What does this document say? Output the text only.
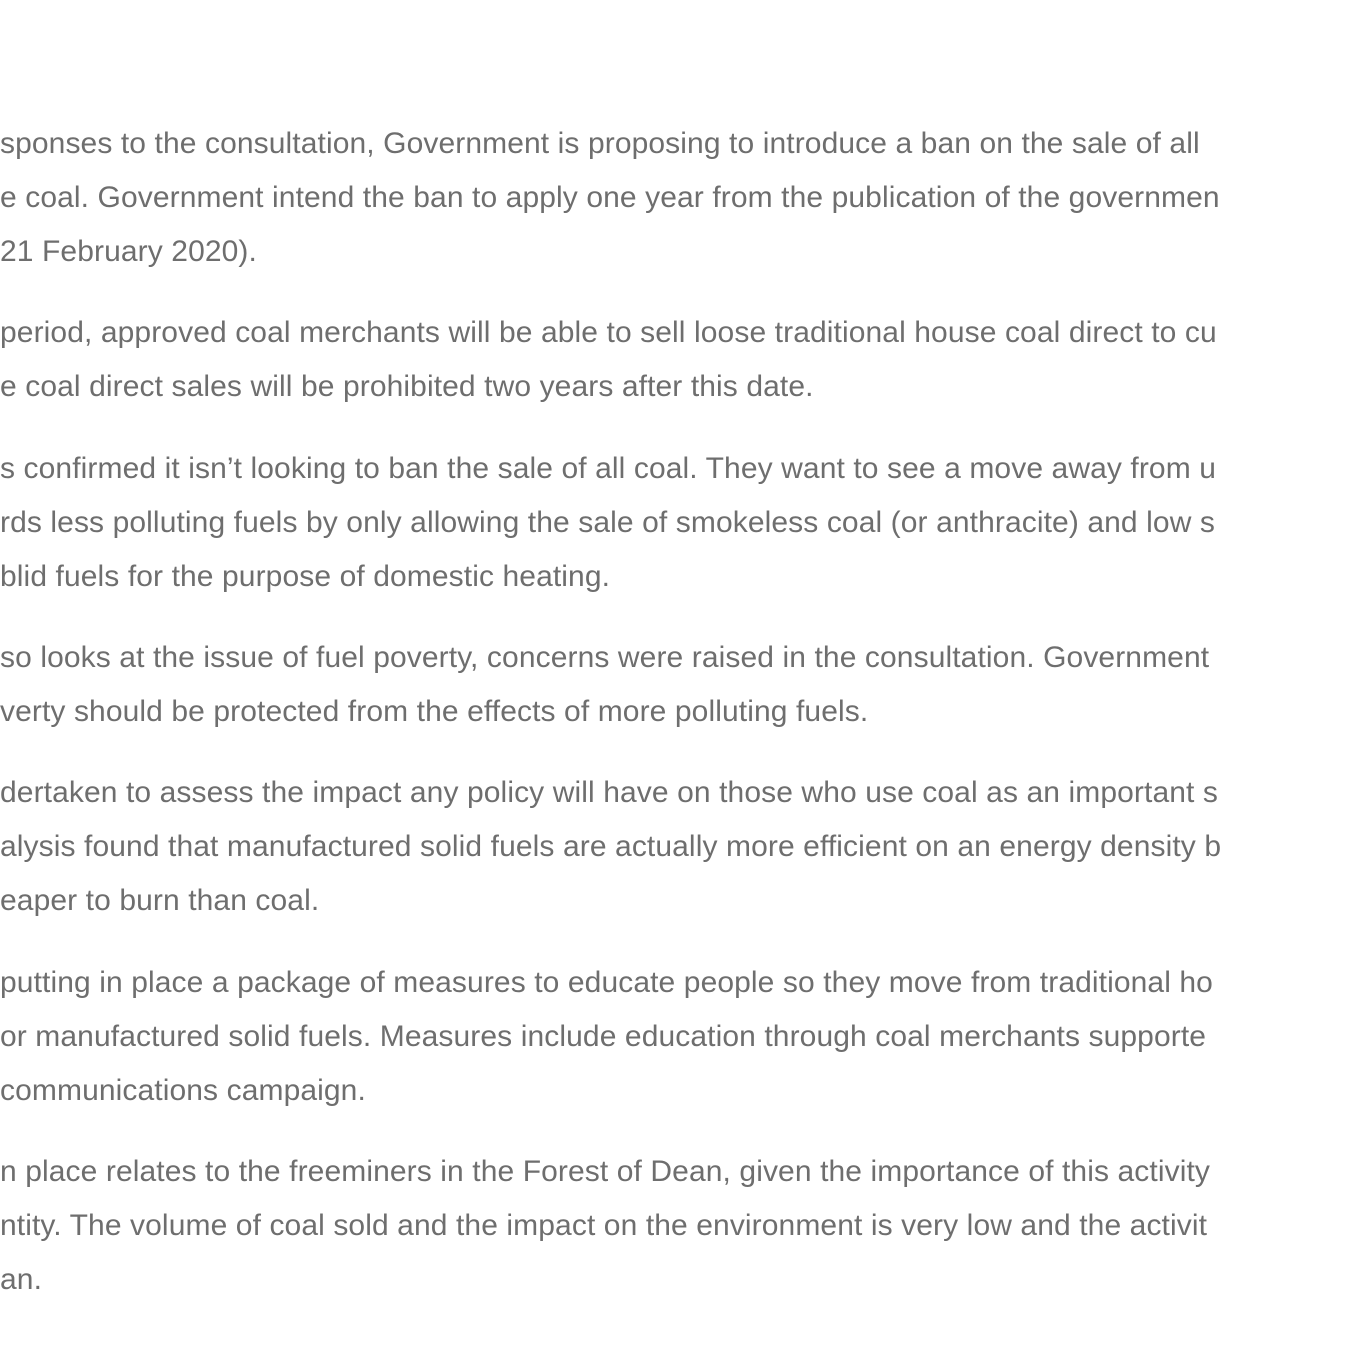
sponses to the consultation, Government is proposing to introduce a ban on the sale of all
e coal. Government intend the ban to apply one year from the publication of the governmen
21 February 2020).
period, approved coal merchants will be able to sell loose traditional house coal direct to cu
e coal direct sales will be prohibited two years after this date.
s confirmed it isn’t looking to ban the sale of all coal. They want to see a move away from u
rds less polluting fuels by only allowing the sale of smokeless coal (or anthracite) and low s
blid fuels for the purpose of domestic heating.
so looks at the issue of fuel poverty, concerns were raised in the consultation. Government
verty should be protected from the effects of more polluting fuels.
dertaken to assess the impact any policy will have on those who use coal as an important s
alysis found that manufactured solid fuels are actually more efficient on an energy density b
eaper to burn than coal.
putting in place a package of measures to educate people so they move from traditional ho
or manufactured solid fuels. Measures include education through coal merchants supporte
communications campaign.
n place relates to the freeminers in the Forest of Dean, given the importance of this activity
ntity. The volume of coal sold and the impact on the environment is very low and the activit
an.
